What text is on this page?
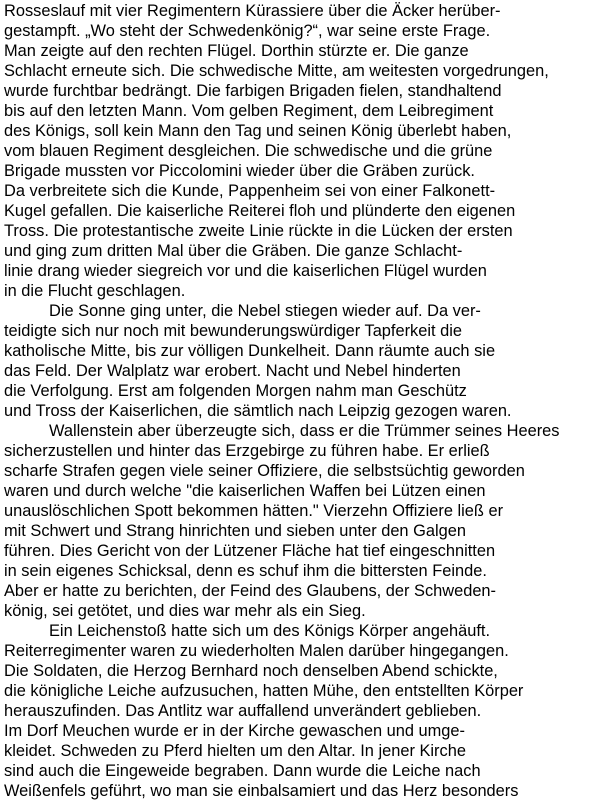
Rosseslauf mit vier Regimentern Kürassiere über die Äcker herüber-
gestampft. „Wo steht der Schwedenkönig?“, war seine erste Frage.
Man zeigte auf den rechten Flügel. Dorthin stürzte er. Die ganze
Schlacht erneute sich. Die schwedische Mitte, am weitesten vorgedrungen,
wurde furchtbar bedrängt. Die farbigen Brigaden fielen, standhaltend
bis auf den letzten Mann. Vom gelben Regiment, dem Leibregiment
des Königs, soll kein Mann den Tag und seinen König überlebt haben,
vom blauen Regiment desgleichen. Die schwedische und die grüne
Brigade mussten vor Piccolomini wieder über die Gräben zurück.
Da verbreitete sich die Kunde, Pappenheim sei von einer Falkonett-
Kugel gefallen. Die kaiserliche Reiterei floh und plünderte den eigenen
Tross. Die protestantische zweite Linie rückte in die Lücken der ersten
und ging zum dritten Mal über die Gräben. Die ganze Schlacht-
linie drang wieder siegreich vor und die kaiserlichen Flügel wurden
in die Flucht geschlagen.
Die Sonne ging unter, die Nebel stiegen wieder auf. Da ver-
teidigte sich nur noch mit bewunderungswürdiger Tapferkeit die
katholische Mitte, bis zur völligen Dunkelheit. Dann räumte auch sie
das Feld. Der Walplatz war erobert. Nacht und Nebel hinderten
die Verfolgung. Erst am folgenden Morgen nahm man Geschütz
und Tross der Kaiserlichen, die sämtlich nach Leipzig gezogen waren.
Wallenstein aber überzeugte sich, dass er die Trümmer seines Heeres
sicherzustellen und hinter das Erzgebirge zu führen habe. Er erließ
scharfe Strafen gegen viele seiner Offiziere, die selbstsüchtig geworden
waren und durch welche "die kaiserlichen Waffen bei Lützen einen
unauslöschlichen Spott bekommen hätten." Vierzehn Offiziere ließ er
mit Schwert und Strang hinrichten und sieben unter den Galgen
führen. Dies Gericht von der Lützener Fläche hat tief eingeschnitten
in sein eigenes Schicksal, denn es schuf ihm die bittersten Feinde.
Aber er hatte zu berichten, der Feind des Glaubens, der Schweden-
könig, sei getötet, und dies war mehr als ein Sieg.
Ein Leichenstoß hatte sich um des Königs Körper angehäuft.
Reiterregimenter waren zu wiederholten Malen darüber hingegangen.
Die Soldaten, die Herzog Bernhard noch denselben Abend schickte,
die königliche Leiche aufzusuchen, hatten Mühe, den entstellten Körper
herauszufinden. Das Antlitz war auffallend unverändert geblieben.
Im Dorf Meuchen wurde er in der Kirche gewaschen und umge-
kleidet. Schweden zu Pferd hielten um den Altar. In jener Kirche
sind auch die Eingeweide begraben. Dann wurde die Leiche nach
Weißenfels geführt, wo man sie einbalsamiert und das Herz besonders
